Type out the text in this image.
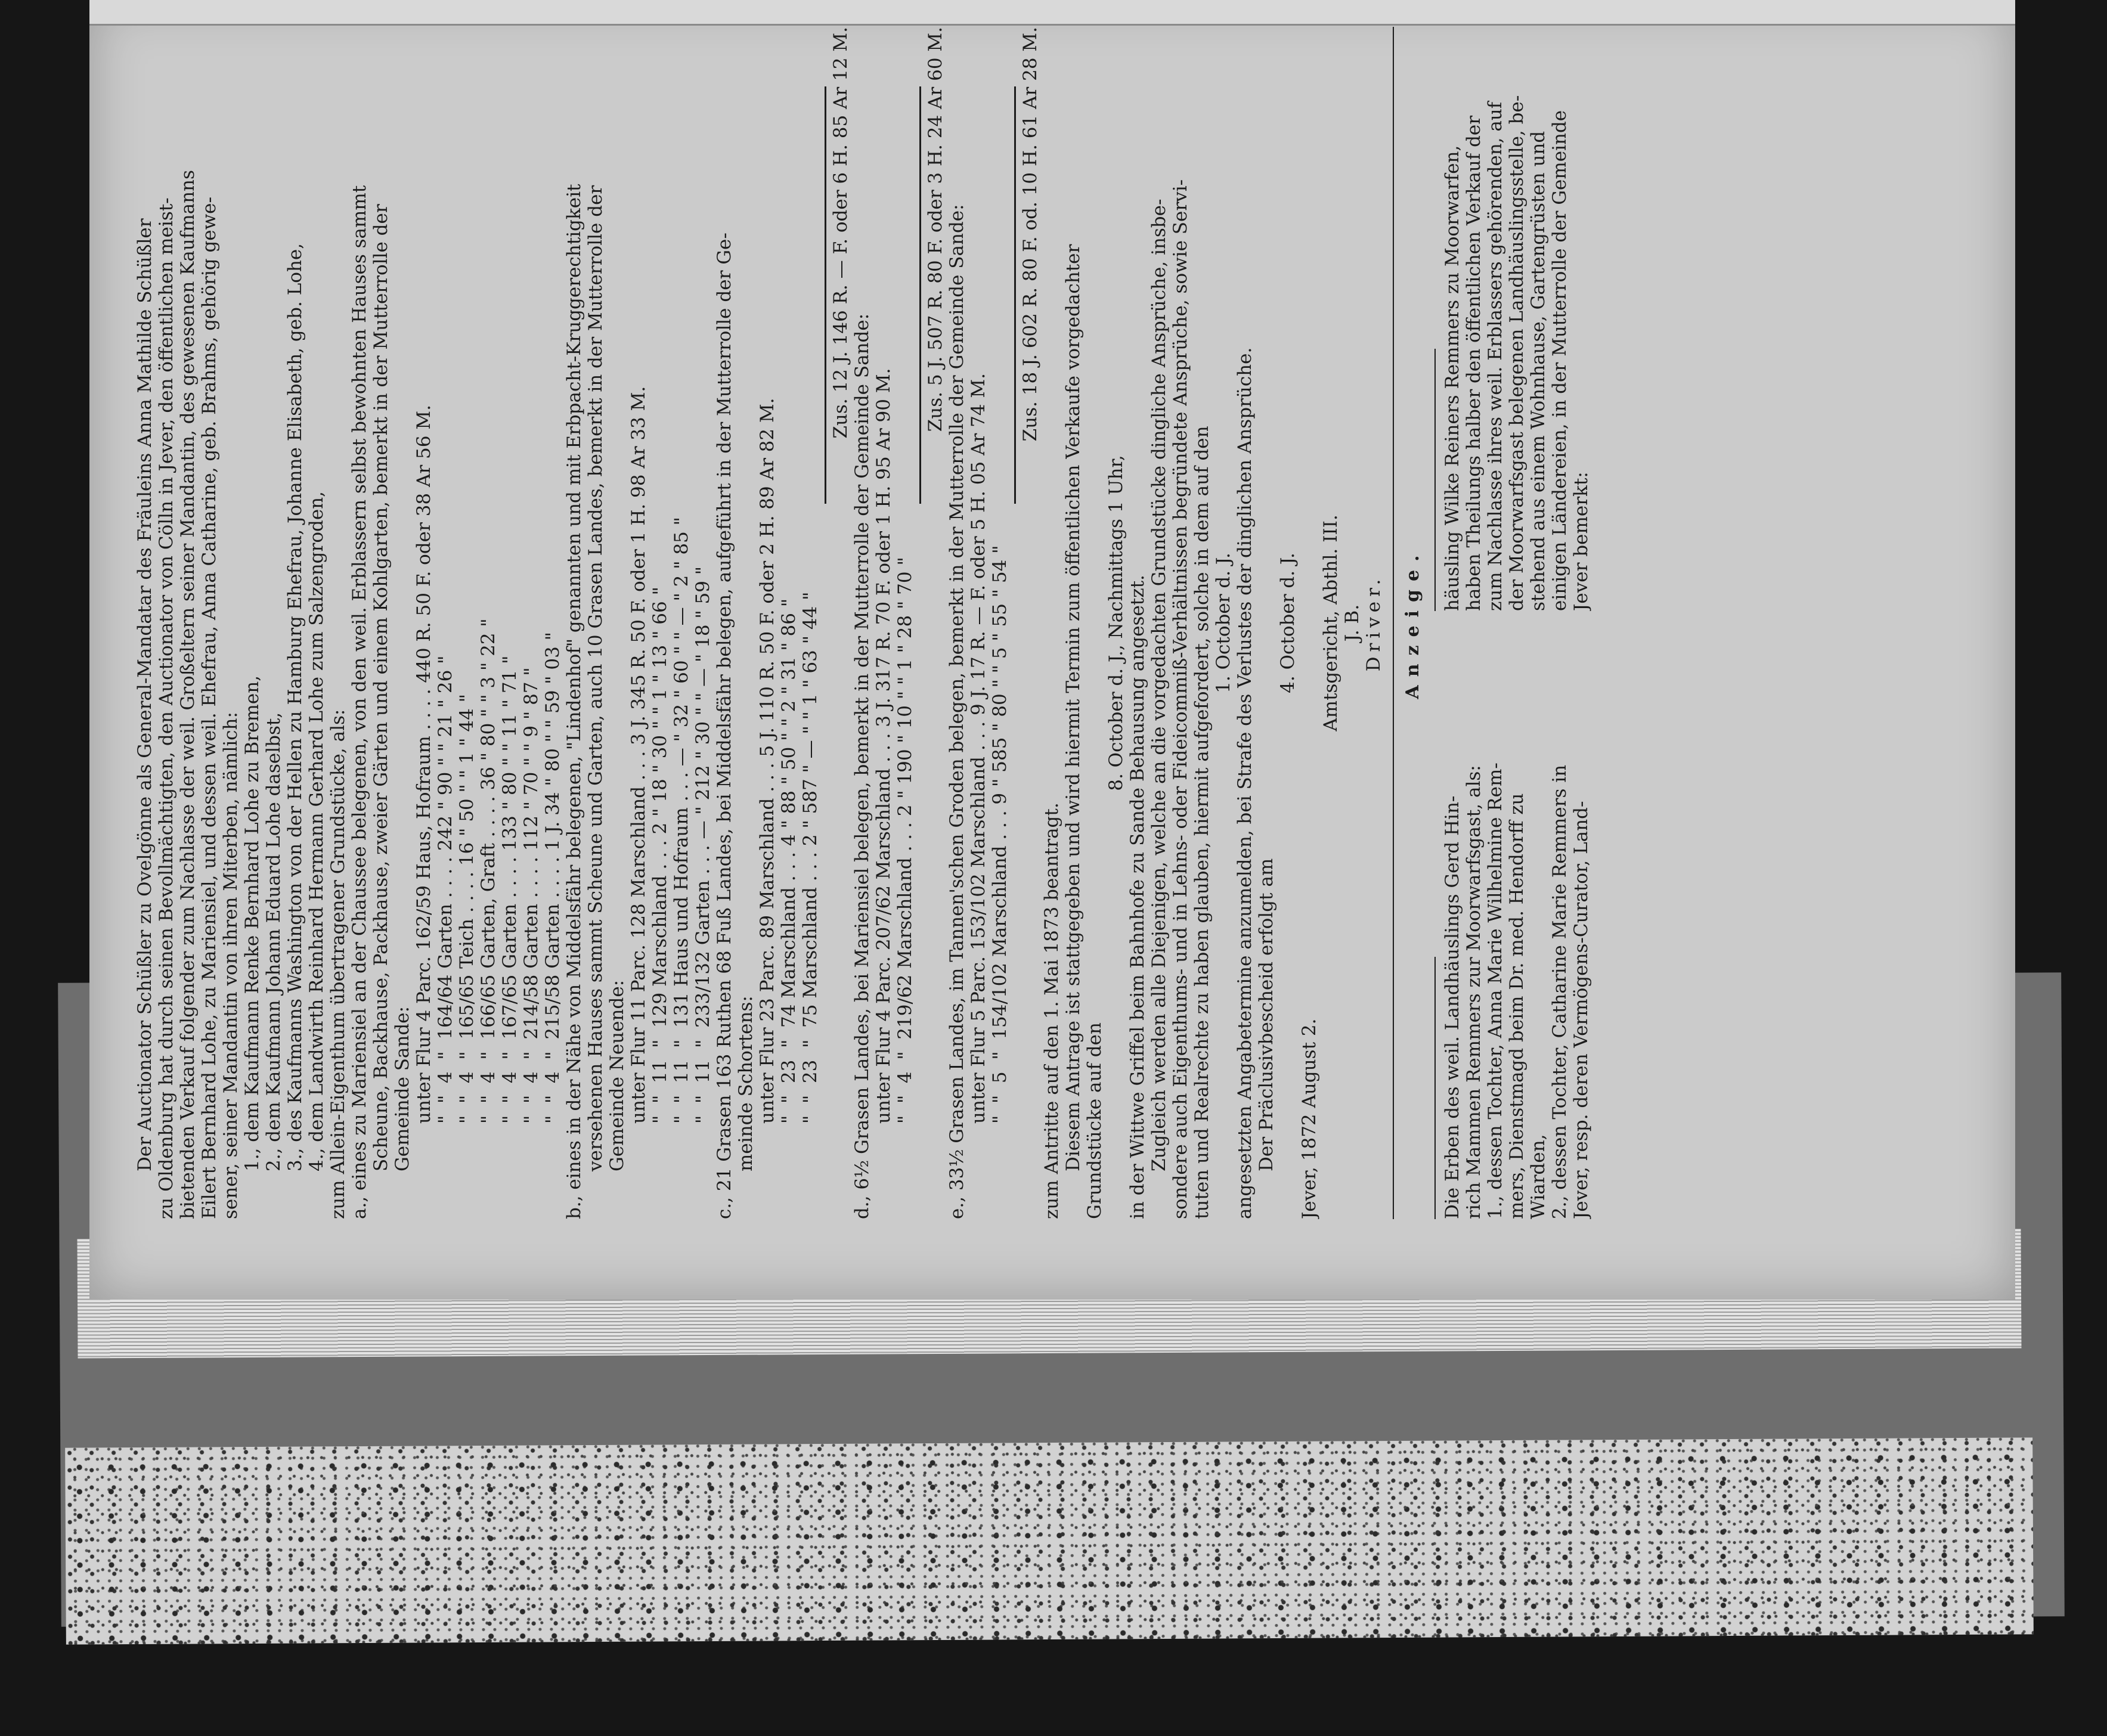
Der Auctionator Schüßler zu Ovelgönne als General-Mandatar des Fräuleins Anna Mathilde Schüßler zu Oldenburg hat durch seinen Bevollmächtigten, den Auctionator von Cölln in Jever, den öffentlichen meist- bietenden Verkauf folgender zum Nachlasse der weil. Großeltern seiner Mandantin, des gewesenen Kaufmanns Eilert Bernhard Lohe, zu Mariensiel, und dessen weil. Ehefrau, Anna Catharine, geb. Brahms, gehörig gewe- sener, seiner Mandantin von ihren Miterben, nämlich: 1., dem Kaufmann Renke Bernhard Lohe zu Bremen, 2., dem Kaufmann Johann Eduard Lohe daselbst, 3., des Kaufmanns Washington von der Hellen zu Hamburg Ehefrau, Johanne Elisabeth, geb. Lohe, 4., dem Landwirth Reinhard Hermann Gerhard Lohe zum Salzengroden, zum Allein-Eigenthum übertragener Grundstücke, als: a., eines zu Mariensiel an der Chaussee belegenen, von den weil. Erblassern selbst bewohnten Hauses sammt Scheune, Backhause, Packhause, zweier Gärten und einem Kohlgarten, bemerkt in der Mutterrolle der Gemeinde Sande: unter Flur 4 Parc. 162/59 Haus, Hofraum . . . . 440 R. 50 F. oder 38 Ar 56 M. "  "  4  "  164/64 Garten . . . . 242 " 90 " " 21 " 26 " "  "  4  "  165/65 Teich . . . . 16 " 50 " " 1 " 44 " "  "  4  "  166/65 Garten, Graft . . . . 36 " 80 " " 3 " 22 " "  "  4  "  167/65 Garten . . . . 133 " 80 " " 11 " 71 " "  "  4  "  214/58 Garten . . . . 112 " 70 " " 9 " 87 " "  "  4  "  215/58 Garten . . . . 1 J. 34 " 80 " " 59 " 03 " b., eines in der Nähe von Middelsfähr belegenen, "Lindenhof" genannten und mit Erbpacht-Kruggerechtigkeit versehenen Hauses sammt Scheune und Garten, auch 10 Grasen Landes, bemerkt in der Mutterrolle der Gemeinde Neuende: unter Flur 11 Parc. 128 Marschland . . . 3 J. 345 R. 50 F. oder 1 H. 98 Ar 33 M. "  "  11  "  129 Marschland . . . 2 " 18 " 30 " " 1 " 13 " 66 " "  "  11  "  131 Haus und Hofraum . . . — " 32 " 60 " " — " 2 " 85 " "  "  11  "  233/132 Garten . . . — " 212 " 30 " " — " 18 " 59 " c., 21 Grasen 163 Ruthen 68 Fuß Landes, bei Middelsfähr belegen, aufgeführt in der Mutterrolle der Ge- meinde Schortens: unter Flur 23 Parc. 89 Marschland . . . 5 J. 110 R. 50 F. oder 2 H. 89 Ar 82 M. "  "  23  "  74 Marschland . . . 4 " 88 " 50 " " 2 " 31 " 86 " "  "  23  "  75 Marschland . . . 2 " 587 " — " " 1 " 63 " 44 "
Zus. 12 J. 146 R. — F. oder 6 H. 85 Ar 12 M.
d., 6½ Grasen Landes, bei Mariensiel belegen, bemerkt in der Mutterrolle der Gemeinde Sande: unter Flur 4 Parc. 207/62 Marschland . . . 3 J. 317 R. 70 F. oder 1 H. 95 Ar 90 M. "  "  4  "  219/62 Marschland . . . 2 " 190 " 10 " " 1 " 28 " 70 "
Zus. 5 J. 507 R. 80 F. oder 3 H. 24 Ar 60 M. e., 33½ Grasen Landes, im Tannen'schen Groden belegen, bemerkt in der Mutterrolle der Gemeinde Sande: unter Flur 5 Parc. 153/102 Marschland . . . 9 J. 17 R. — F. oder 5 H. 05 Ar 74 M. "  "  5  "  154/102 Marschland . . . 9 " 585 " 80 " " 5 " 55 " 54 "
Zus. 18 J. 602 R. 80 F. od. 10 H. 61 Ar 28 M.
zum Antritte auf den 1. Mai 1873 beantragt. Diesem Antrage ist stattgegeben und wird hiermit Termin zum öffentlichen Verkaufe vorgedachter Grundstücke auf den
8. October d. J., Nachmittags 1 Uhr, in der Wittwe Griffel beim Bahnhofe zu Sande Behausung angesetzt. Zugleich werden alle Diejenigen, welche an die vorgedachten Grundstücke dingliche Ansprüche, insbe- sondere auch Eigenthums- und in Lehns- oder Fideicommiß-Verhältnissen begründete Ansprüche, sowie Servi- tuten und Realrechte zu haben glauben, hiermit aufgefordert, solche in dem auf den 1. October d. J. angesetzten Angabetermine anzumelden, bei Strafe des Verlustes der dinglichen Ansprüche. Der Präclusivbescheid erfolgt am
4. October d. J.
Jever, 1872 August 2.
Amtsgericht, Abthl. III. J. B. Driver. Anzeige.
Die Erben des weil. Landhäuslings Gerd Hin- rich Mammen Remmers zur Moorwarfsgast, als: 1., dessen Tochter, Anna Marie Wilhelmine Rem- mers, Dienstmagd beim Dr. med. Hendorff zu Wiarden, 2., dessen Tochter, Catharine Marie Remmers in Jever, resp. deren Vermögens-Curator, Land-
häusling Wilke Reiners Remmers zu Moorwarfen, haben Theilungs halber den öffentlichen Verkauf der zum Nachlasse ihres weil. Erblassers gehörenden, auf der Moorwarfsgast belegenen Landhäuslingsstelle, be- stehend aus einem Wohnhause, Gartengrüsten und einigen Ländereien, in der Mutterrolle der Gemeinde Jever bemerkt:
